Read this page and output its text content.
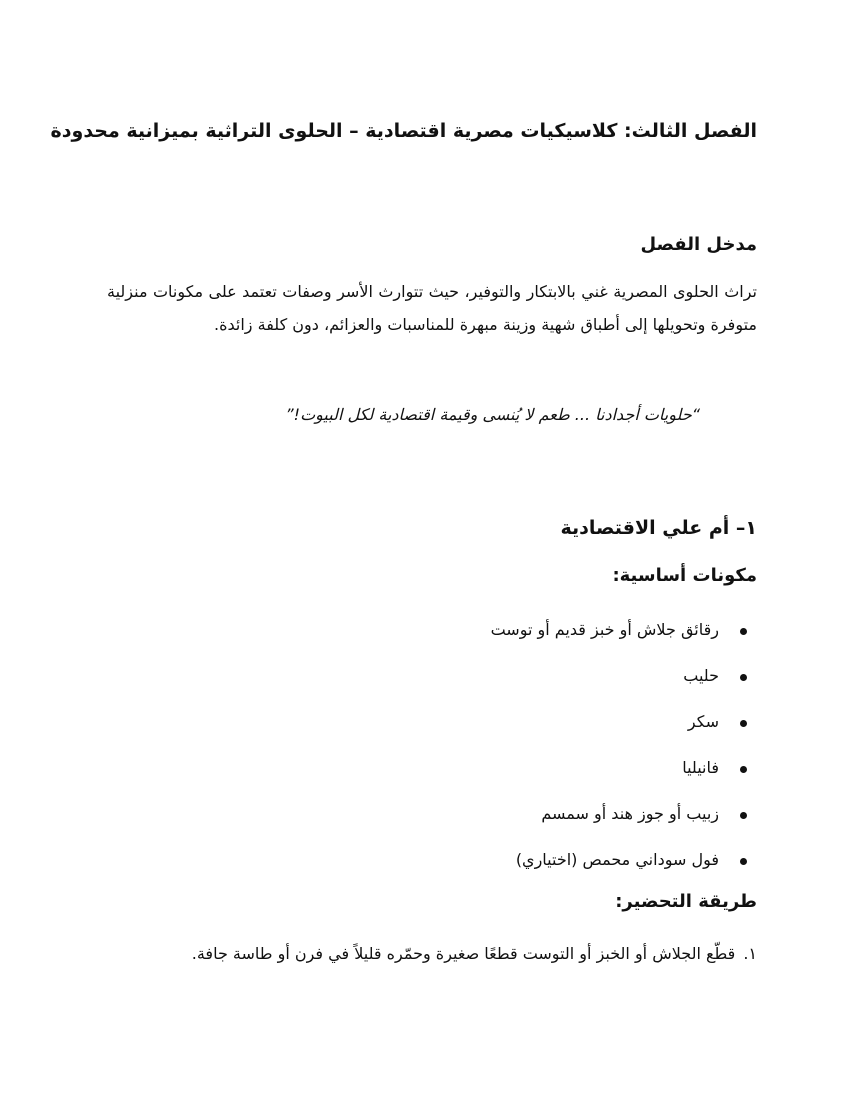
الفصل الثالث: كلاسيكيات مصرية اقتصادية – الحلوى التراثية بميزانية محدودة
مدخل الفصل
تراث الحلوى المصرية غني بالابتكار والتوفير، حيث تتوارث الأسر وصفات تعتمد على مكونات منزلية متوفرة وتحويلها إلى أطباق شهية وزينة مبهرة للمناسبات والعزائم، دون كلفة زائدة.
“حلويات أجدادنا ... طعم لا يُنسى وقيمة اقتصادية لكل البيوت!”
١– أم علي الاقتصادية
مكونات أساسية:
رقائق جلاش أو خبز قديم أو توست
حليب
سكر
فانيليا
زبيب أو جوز هند أو سمسم
فول سوداني محمص (اختياري)
طريقة التحضير:
١.قطّع الجلاش أو الخبز أو التوست قطعًا صغيرة وحمّره قليلاً في فرن أو طاسة جافة.
